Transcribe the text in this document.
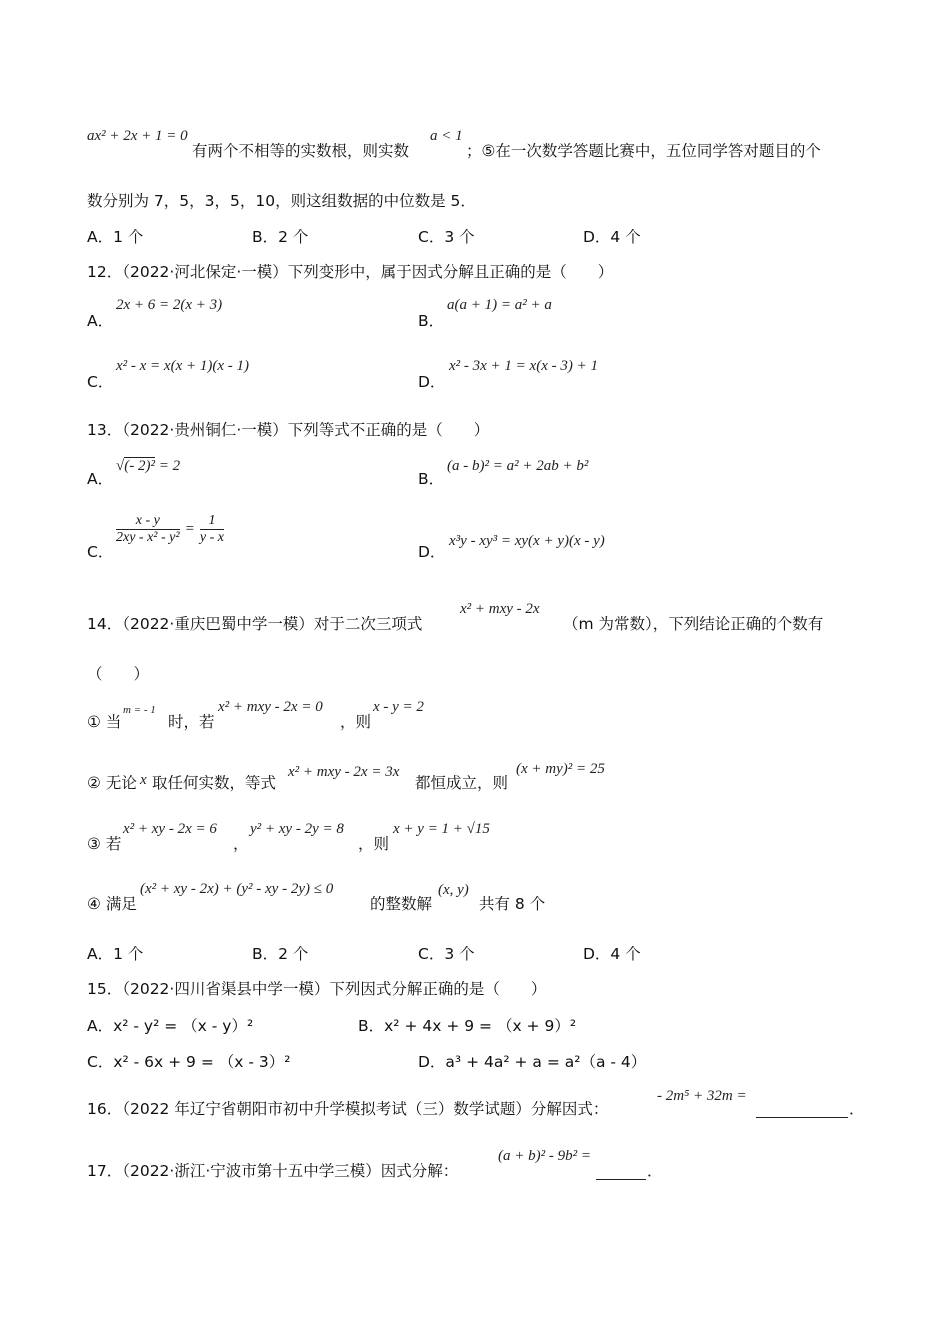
ax² + 2x + 1 = 0
有两个不相等的实数根，则实数
a < 1
；⑤在一次数学答题比赛中，五位同学答对题目的个
数分别为 7，5，3，5，10，则这组数据的中位数是 5．
A．1 个	B．2 个	C．3 个	D．4 个
12．（2022·河北保定·一模）下列变形中，属于因式分解且正确的是（　　）
A．
2x + 6 = 2(x + 3)
B．
a(a + 1) = a² + a
C．
x² - x = x(x + 1)(x - 1)
D．
x² - 3x + 1 = x(x - 3) + 1
13．（2022·贵州铜仁·一模）下列等式不正确的是（　　）
A．
√(- 2)² = 2
B．
(a - b)² = a² + 2ab + b²
C．
$\frac{x - y}{\text{2xy - x² - y²}} = \frac{1}{y - x}$
D．
x³y - xy³ = xy(x + y)(x - y)
14．（2022·重庆巴蜀中学一模）对于二次三项式
x² + mxy - 2x
（m 为常数），下列结论正确的个数有
（　　）
① 当
m = - 1
时，若
x² + mxy - 2x = 0
，则
x - y = 2
② 无论 x 取任何实数，等式
x² + mxy - 2x = 3x
都恒成立，则
(x + my)² = 25
③ 若
x² + xy - 2x = 6
，
y² + xy - 2y = 8
，则
x + y = 1 + √15
④ 满足
(x² + xy - 2x) + (y² - xy - 2y) ≤ 0
的整数解
(x, y)
共有 8 个
A．1 个	B．2 个	C．3 个	D．4 个
15．（2022·四川省渠县中学一模）下列因式分解正确的是（　　）
A．x² - y² = （x - y）²	B．x² + 4x + 9 = （x + 9）²
C．x² - 6x + 9 = （x - 3）²	D．a³ + 4a² + a = a²（a - 4）
16．（2022 年辽宁省朝阳市初中升学模拟考试（三）数学试题）分解因式：
- 2m⁵ + 32m =
．
17．（2022·浙江·宁波市第十五中学三模）因式分解：
(a + b)² - 9b² =
．
